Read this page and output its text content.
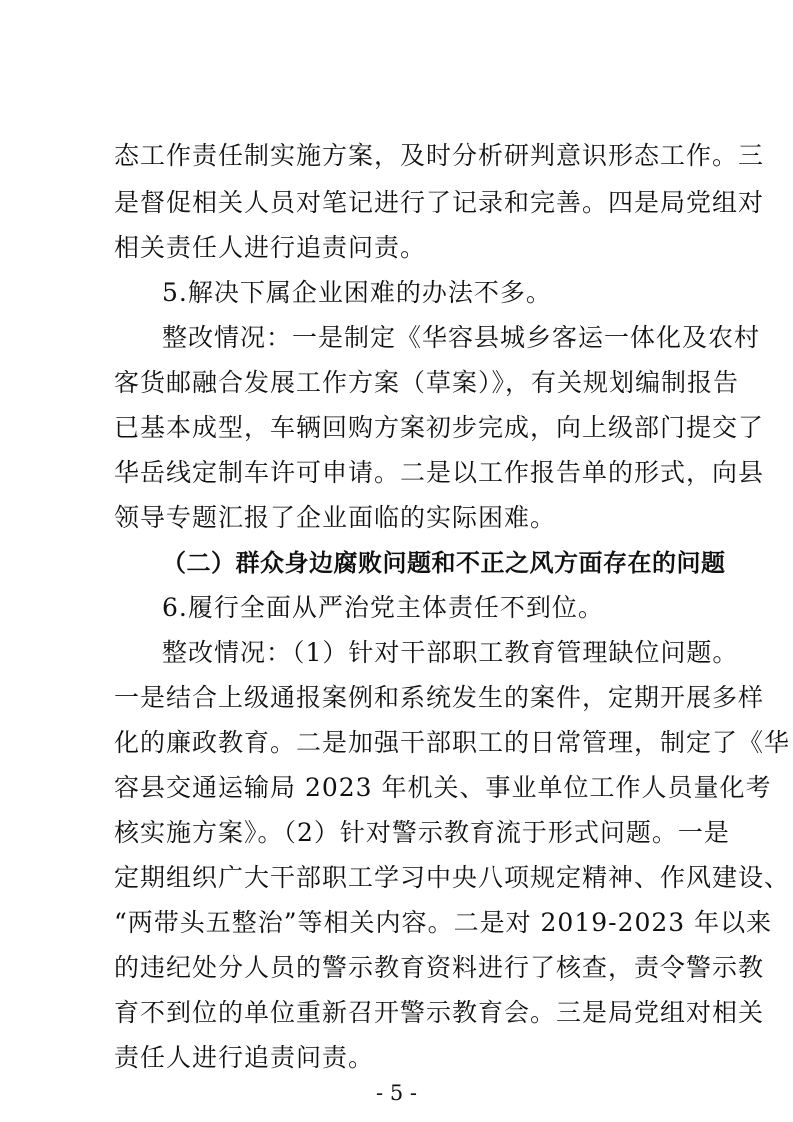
态工作责任制实施方案，及时分析研判意识形态工作。三
是督促相关人员对笔记进行了记录和完善。四是局党组对
相关责任人进行追责问责。
5.解决下属企业困难的办法不多。
整改情况：一是制定《华容县城乡客运一体化及农村
客货邮融合发展工作方案（草案）》，有关规划编制报告
已基本成型，车辆回购方案初步完成，向上级部门提交了
华岳线定制车许可申请。二是以工作报告单的形式，向县
领导专题汇报了企业面临的实际困难。
（二）群众身边腐败问题和不正之风方面存在的问题
6.履行全面从严治党主体责任不到位。
整改情况：（1）针对干部职工教育管理缺位问题。
一是结合上级通报案例和系统发生的案件，定期开展多样
化的廉政教育。二是加强干部职工的日常管理，制定了《华
容县交通运输局 2023 年机关、事业单位工作人员量化考
核实施方案》。（2）针对警示教育流于形式问题。一是
定期组织广大干部职工学习中央八项规定精神、作风建设、
“两带头五整治”等相关内容。二是对 2019-2023 年以来
的违纪处分人员的警示教育资料进行了核查，责令警示教
育不到位的单位重新召开警示教育会。三是局党组对相关
责任人进行追责问责。
- 5 -
